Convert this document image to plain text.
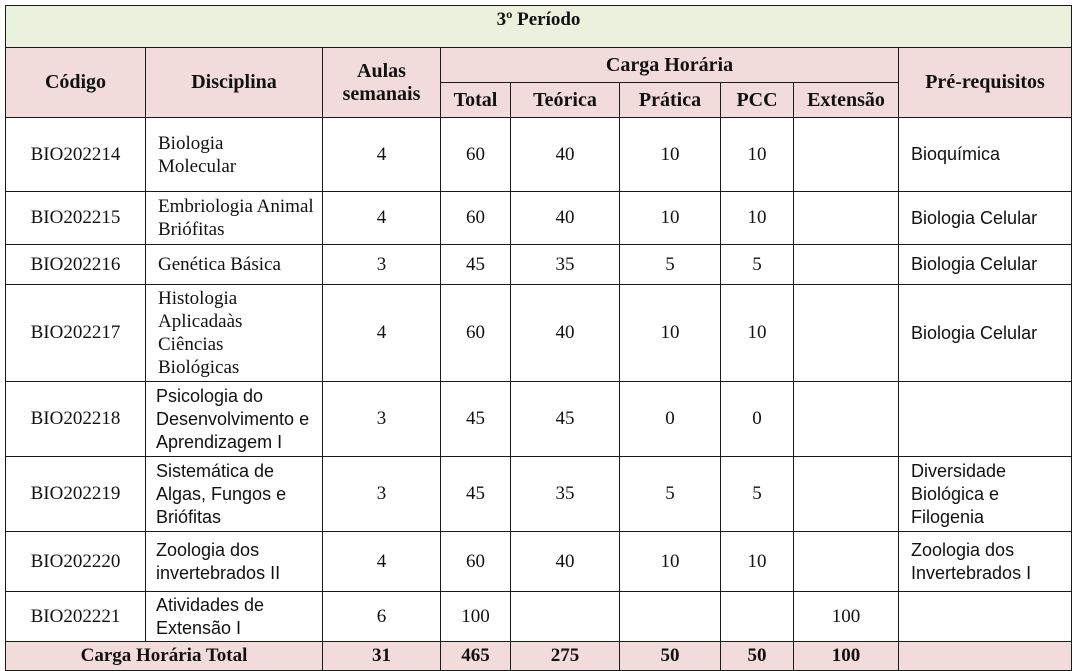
3º Período								
Código	Disciplina	Aulas semanais	Carga Horária					Pré-requisitos
			Total	Teórica	Prática	PCC	Extensão	
BIO202214	Biologia Molecular	4	60	40	10	10		Bioquímica
BIO202215	Embriologia Animal Briófitas	4	60	40	10	10		Biologia Celular
BIO202216	Genética Básica	3	45	35	5	5		Biologia Celular
BIO202217	Histologia Aplicadaàs Ciências Biológicas	4	60	40	10	10		Biologia Celular
BIO202218	Psicologia do Desenvolvimento e Aprendizagem I	3	45	45	0	0		
BIO202219	Sistemática de Algas, Fungos e Briófitas	3	45	35	5	5		Diversidade Biológica e Filogenia
BIO202220	Zoologia dos invertebrados II	4	60	40	10	10		Zoologia dos Invertebrados I
BIO202221	Atividades de Extensão I	6	100				100	
Carga Horária Total		31	465	275	50	50	100	
